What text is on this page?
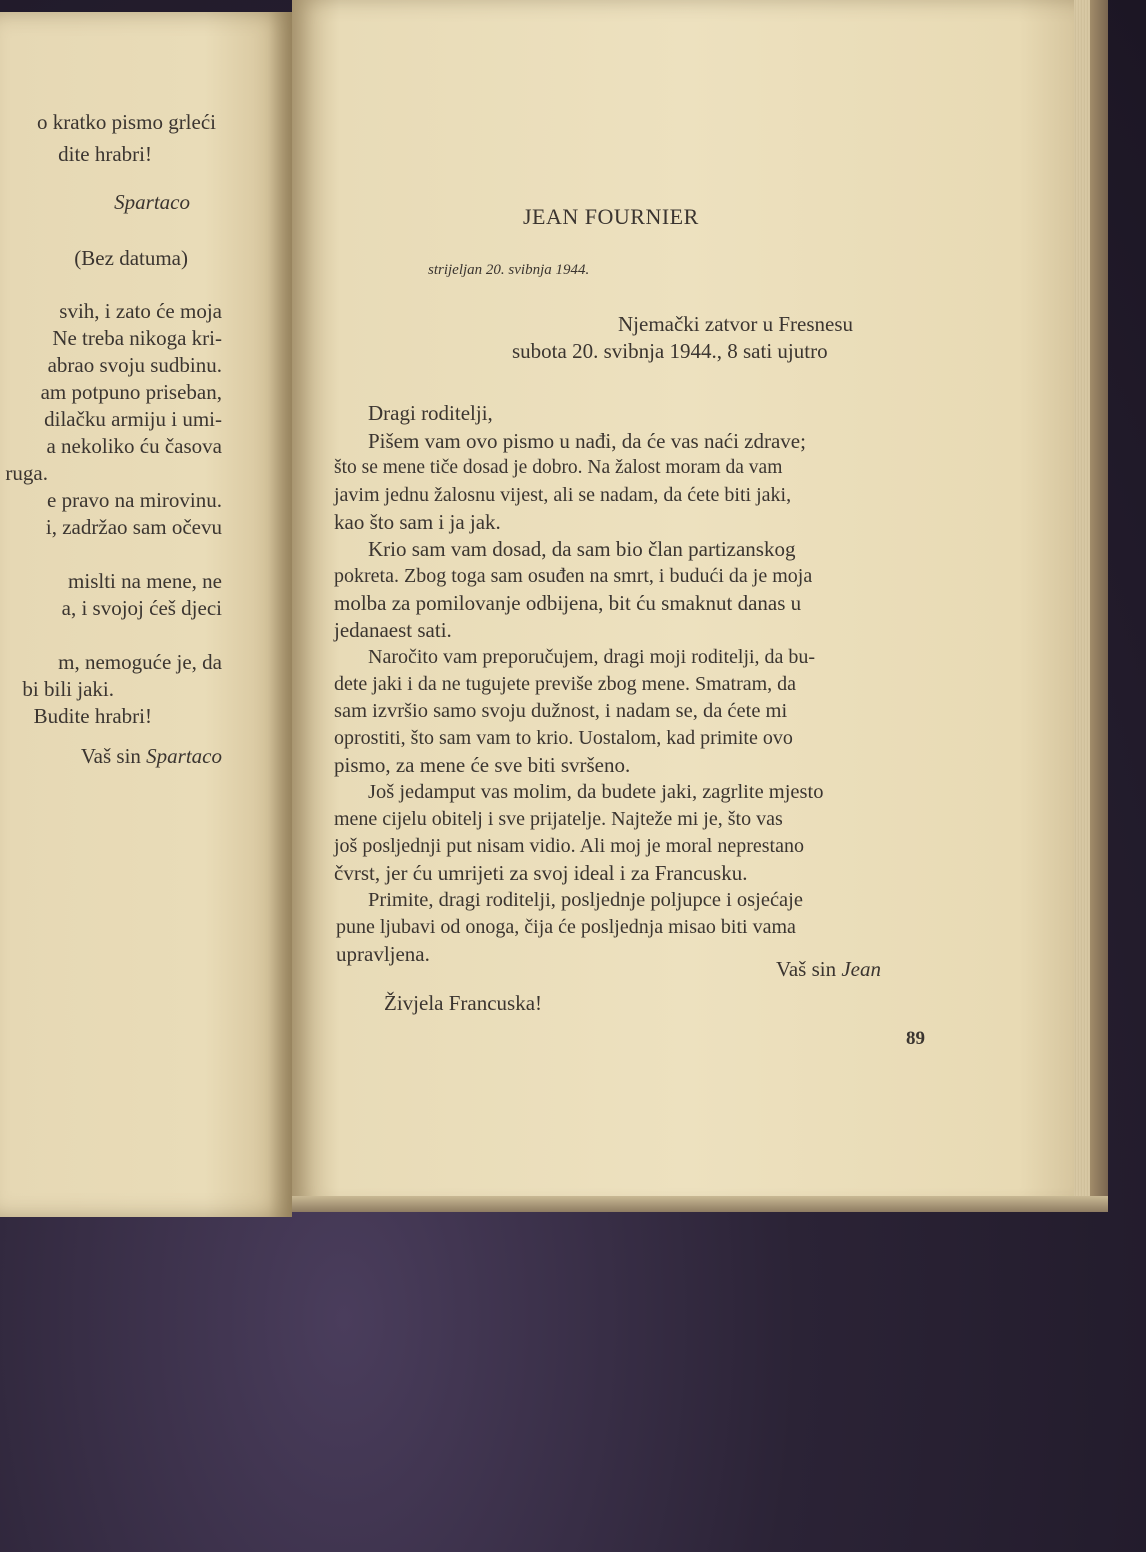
o kratko pismo grleći
dite hrabri!
Spartaco
(Bez datuma)
svih, i zato će moja
Ne treba nikoga kri-
abrao svoju sudbinu.
am potpuno priseban,
dilačku armiju i umi-
a nekoliko ću časova
ruga.
e pravo na mirovinu.
i, zadržao sam očevu
mislti na mene, ne
a, i svojoj ćeš djeci
m, nemoguće je, da
bi bili jaki.
Budite hrabri!
Vaš sin Spartaco
JEAN FOURNIER
strijeljan 20. svibnja 1944.
Njemački zatvor u Fresnesu
subota 20. svibnja 1944., 8 sati ujutro
Dragi roditelji,
Pišem vam ovo pismo u nađi, da će vas naći zdrave;
što se mene tiče dosad je dobro. Na žalost moram da vam
javim jednu žalosnu vijest, ali se nadam, da ćete biti jaki,
kao što sam i ja jak.
Krio sam vam dosad, da sam bio član partizanskog
pokreta. Zbog toga sam osuđen na smrt, i budući da je moja
molba za pomilovanje odbijena, bit ću smaknut danas u
jedanaest sati.
Naročito vam preporučujem, dragi moji roditelji, da bu-
dete jaki i da ne tugujete previše zbog mene. Smatram, da
sam izvršio samo svoju dužnost, i nadam se, da ćete mi
oprostiti, što sam vam to krio. Uostalom, kad primite ovo
pismo, za mene će sve biti svršeno.
Još jedamput vas molim, da budete jaki, zagrlite mjesto
mene cijelu obitelj i sve prijatelje. Najteže mi je, što vas
još posljednji put nisam vidio. Ali moj je moral neprestano
čvrst, jer ću umrijeti za svoj ideal i za Francusku.
Primite, dragi roditelji, posljednje poljupce i osjećaje
pune ljubavi od onoga, čija će posljednja misao biti vama
upravljena.
Vaš sin Jean
Živjela Francuska!
89
